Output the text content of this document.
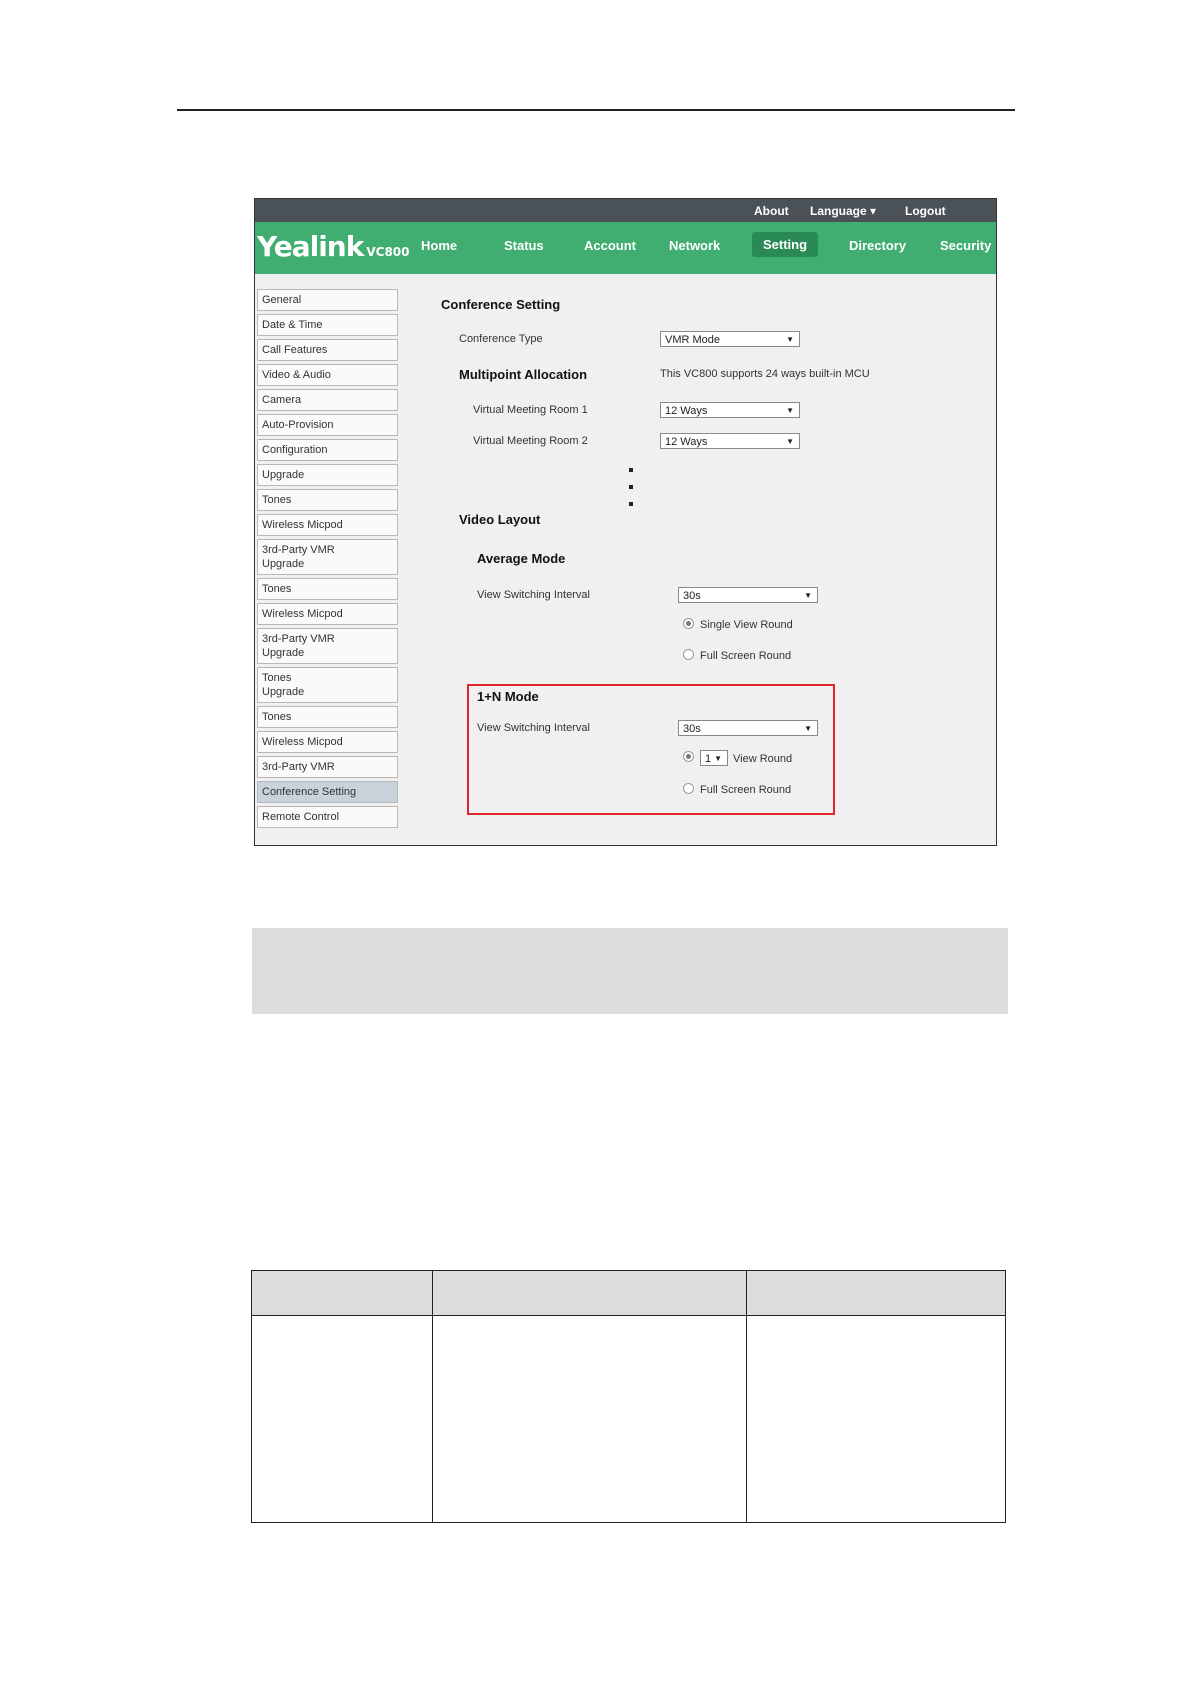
About Language ▾ Logout
Yealink VC800 Home	Status	Account	Network	Setting	Directory	Security
General
Date & Time
Call Features
Video & Audio
Camera
Auto-Provision
Configuration
Upgrade
Tones
Wireless Micpod
3rd-Party VMR
Upgrade
Tones
Wireless Micpod
3rd-Party VMR
Upgrade
Tones
Upgrade
Tones
Wireless Micpod
3rd-Party VMR
Conference Setting
Remote Control
Conference Setting
Conference Type	VMR Mode	▼
Multipoint Allocation	This VC800 supports 24 ways built-in MCU
Virtual Meeting Room 1	12 Ways	▼
Virtual Meeting Room 2	12 Ways	▼
Video Layout
Average Mode
View Switching Interval	30s	▼
Single View Round
Full Screen Round
1+N Mode
View Switching Interval	30s	▼
1 ▼ View Round
Full Screen Round
